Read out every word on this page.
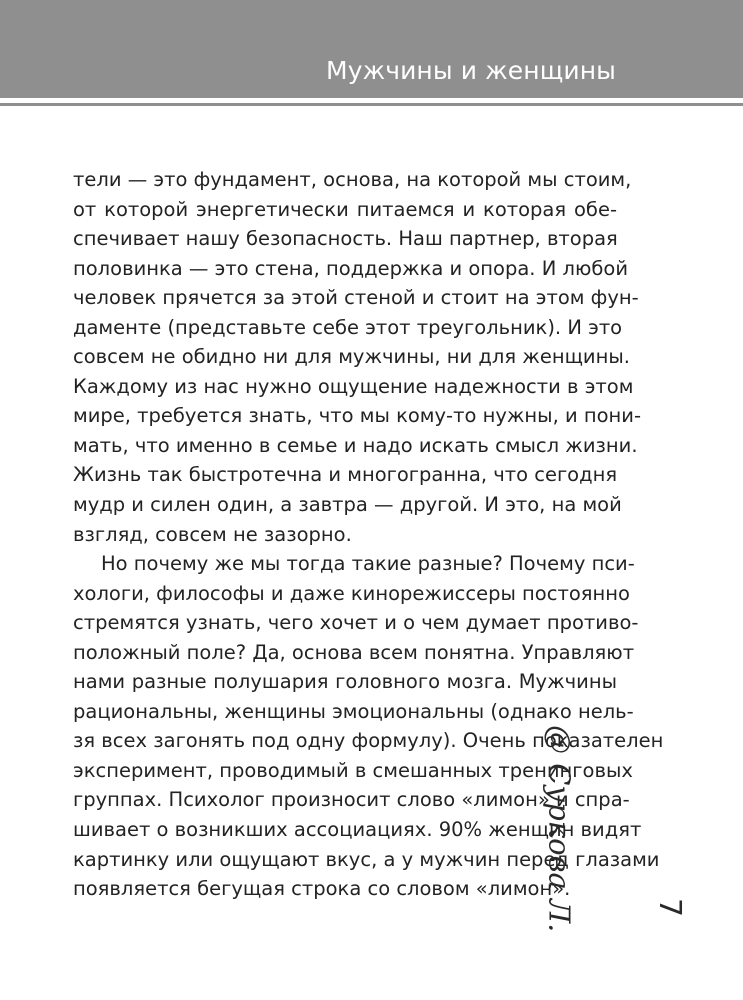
Мужчины и женщины
тели — это фундамент, основа, на которой мы стоим,
от которой энергетически питаемся и которая обе-
спечивает нашу безопасность. Наш партнер, вторая
половинка — это стена, поддержка и опора. И любой
человек прячется за этой стеной и стоит на этом фун-
даменте (представьте себе этот треугольник). И это
совсем не обидно ни для мужчины, ни для женщины.
Каждому из нас нужно ощущение надежности в этом
мире, требуется знать, что мы кому-то нужны, и пони-
мать, что именно в семье и надо искать смысл жизни.
Жизнь так быстротечна и многогранна, что сегодня
мудр и силен один, а завтра — другой. И это, на мой
взгляд, совсем не зазорно.
Но почему же мы тогда такие разные? Почему пси-
хологи, философы и даже кинорежиссеры постоянно
стремятся узнать, чего хочет и о чем думает противо-
положный поле? Да, основа всем понятна. Управляют
нами разные полушария головного мозга. Мужчины
рациональны, женщины эмоциональны (однако нель-
зя всех загонять под одну формулу). Очень показателен
эксперимент, проводимый в смешанных тренинговых
группах. Психолог произносит слово «лимон» и спра-
шивает о возникших ассоциациях. 90% женщин видят
картинку или ощущают вкус, а у мужчин перед глазами
появляется бегущая строка со словом «лимон».
@ Суркова Л.	7
